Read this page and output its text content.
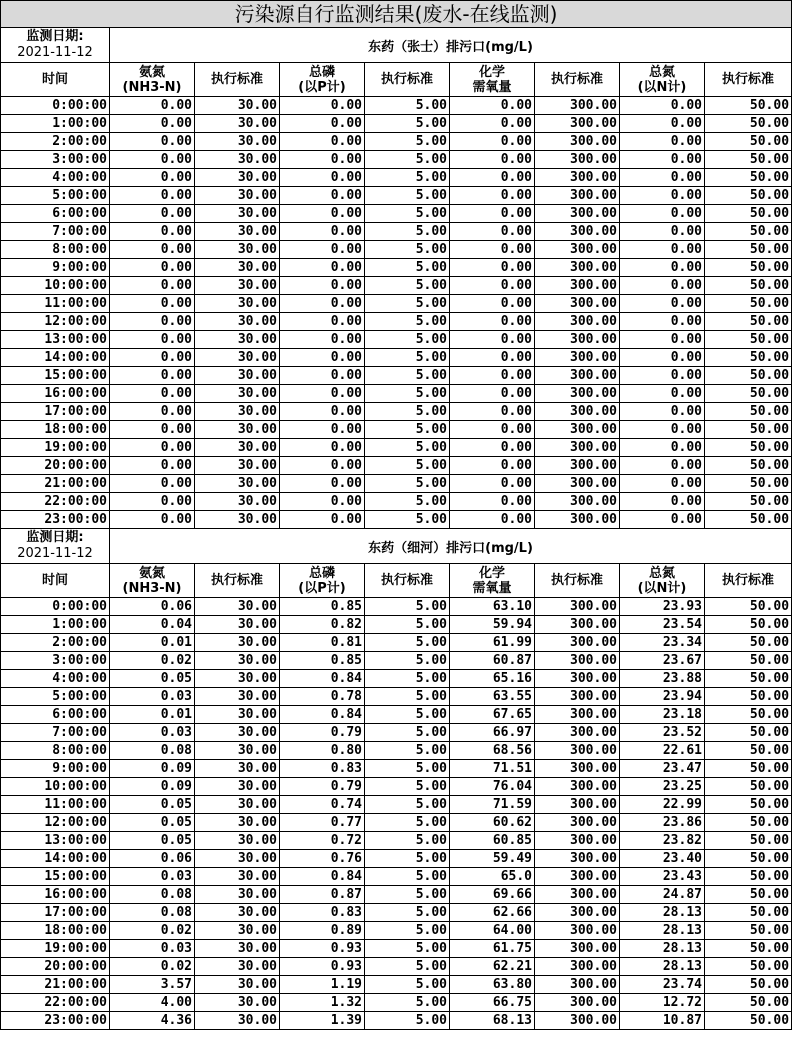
污染源自行监测结果(废水-在线监测)								

监测日期:
2021-11-12	东药（张士）排污口(mg/L)							

时间	氨氮
(NH3-N)	执行标准	总磷
(以P计)	执行标准	化学
需氧量	执行标准	总氮
(以N计)	执行标准

0:00:00	0.00	30.00	0.00	5.00	0.00	300.00	0.00	50.00
1:00:00	0.00	30.00	0.00	5.00	0.00	300.00	0.00	50.00
2:00:00	0.00	30.00	0.00	5.00	0.00	300.00	0.00	50.00
3:00:00	0.00	30.00	0.00	5.00	0.00	300.00	0.00	50.00
4:00:00	0.00	30.00	0.00	5.00	0.00	300.00	0.00	50.00
5:00:00	0.00	30.00	0.00	5.00	0.00	300.00	0.00	50.00
6:00:00	0.00	30.00	0.00	5.00	0.00	300.00	0.00	50.00
7:00:00	0.00	30.00	0.00	5.00	0.00	300.00	0.00	50.00
8:00:00	0.00	30.00	0.00	5.00	0.00	300.00	0.00	50.00
9:00:00	0.00	30.00	0.00	5.00	0.00	300.00	0.00	50.00
10:00:00	0.00	30.00	0.00	5.00	0.00	300.00	0.00	50.00
11:00:00	0.00	30.00	0.00	5.00	0.00	300.00	0.00	50.00
12:00:00	0.00	30.00	0.00	5.00	0.00	300.00	0.00	50.00
13:00:00	0.00	30.00	0.00	5.00	0.00	300.00	0.00	50.00
14:00:00	0.00	30.00	0.00	5.00	0.00	300.00	0.00	50.00
15:00:00	0.00	30.00	0.00	5.00	0.00	300.00	0.00	50.00
16:00:00	0.00	30.00	0.00	5.00	0.00	300.00	0.00	50.00
17:00:00	0.00	30.00	0.00	5.00	0.00	300.00	0.00	50.00
18:00:00	0.00	30.00	0.00	5.00	0.00	300.00	0.00	50.00
19:00:00	0.00	30.00	0.00	5.00	0.00	300.00	0.00	50.00
20:00:00	0.00	30.00	0.00	5.00	0.00	300.00	0.00	50.00
21:00:00	0.00	30.00	0.00	5.00	0.00	300.00	0.00	50.00
22:00:00	0.00	30.00	0.00	5.00	0.00	300.00	0.00	50.00
23:00:00	0.00	30.00	0.00	5.00	0.00	300.00	0.00	50.00

监测日期:
2021-11-12	东药（细河）排污口(mg/L)							

时间	氨氮
(NH3-N)	执行标准	总磷
(以P计)	执行标准	化学
需氧量	执行标准	总氮
(以N计)	执行标准

0:00:00	0.06	30.00	0.85	5.00	63.10	300.00	23.93	50.00
1:00:00	0.04	30.00	0.82	5.00	59.94	300.00	23.54	50.00
2:00:00	0.01	30.00	0.81	5.00	61.99	300.00	23.34	50.00
3:00:00	0.02	30.00	0.85	5.00	60.87	300.00	23.67	50.00
4:00:00	0.05	30.00	0.84	5.00	65.16	300.00	23.88	50.00
5:00:00	0.03	30.00	0.78	5.00	63.55	300.00	23.94	50.00
6:00:00	0.01	30.00	0.84	5.00	67.65	300.00	23.18	50.00
7:00:00	0.03	30.00	0.79	5.00	66.97	300.00	23.52	50.00
8:00:00	0.08	30.00	0.80	5.00	68.56	300.00	22.61	50.00
9:00:00	0.09	30.00	0.83	5.00	71.51	300.00	23.47	50.00
10:00:00	0.09	30.00	0.79	5.00	76.04	300.00	23.25	50.00
11:00:00	0.05	30.00	0.74	5.00	71.59	300.00	22.99	50.00
12:00:00	0.05	30.00	0.77	5.00	60.62	300.00	23.86	50.00
13:00:00	0.05	30.00	0.72	5.00	60.85	300.00	23.82	50.00
14:00:00	0.06	30.00	0.76	5.00	59.49	300.00	23.40	50.00
15:00:00	0.03	30.00	0.84	5.00	65.0	300.00	23.43	50.00
16:00:00	0.08	30.00	0.87	5.00	69.66	300.00	24.87	50.00
17:00:00	0.08	30.00	0.83	5.00	62.66	300.00	28.13	50.00
18:00:00	0.02	30.00	0.89	5.00	64.00	300.00	28.13	50.00
19:00:00	0.03	30.00	0.93	5.00	61.75	300.00	28.13	50.00
20:00:00	0.02	30.00	0.93	5.00	62.21	300.00	28.13	50.00
21:00:00	3.57	30.00	1.19	5.00	63.80	300.00	23.74	50.00
22:00:00	4.00	30.00	1.32	5.00	66.75	300.00	12.72	50.00
23:00:00	4.36	30.00	1.39	5.00	68.13	300.00	10.87	50.00
